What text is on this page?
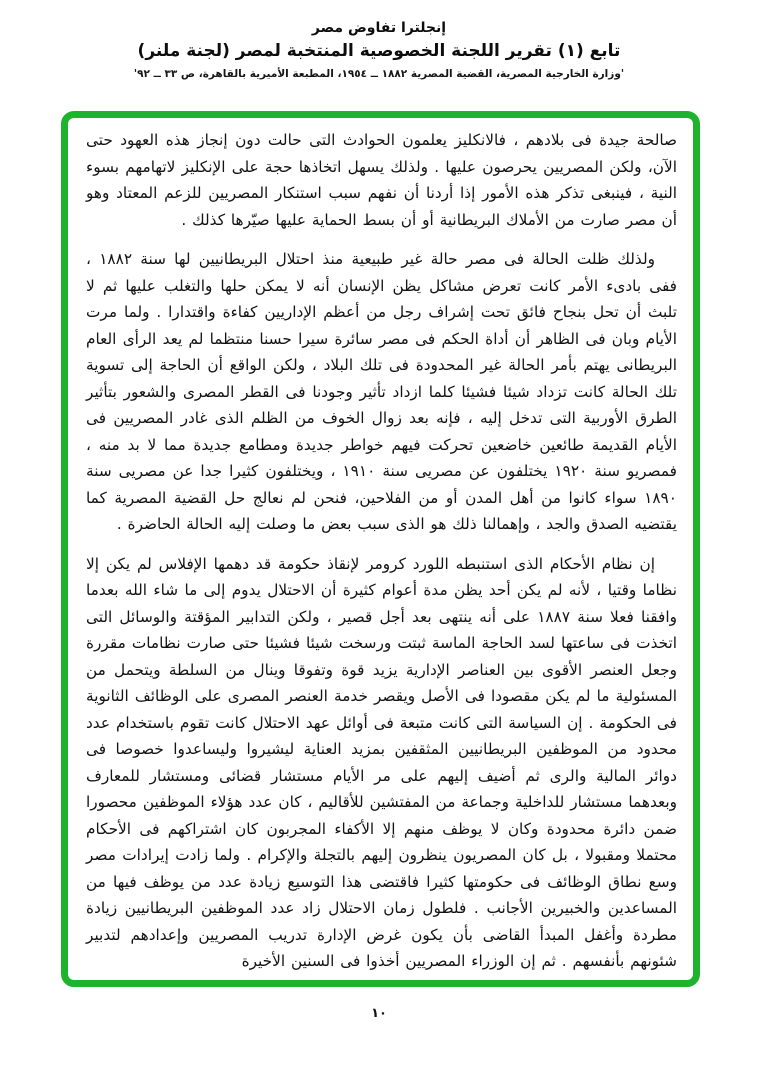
إنجلترا تفاوض مصر
تابع (١) تقرير اللجنة الخصوصية المنتخبة لمصر (لجنة ملنر)
'وزارة الخارجية المصرية، القضية المصرية ١٨٨٢ ــ ١٩٥٤، المطبعة الأميرية بالقاهرة، ص ٣٣ ــ ٩٢'

صالحة جيدة فى بلادهم ، فالانكليز يعلمون الحوادث التى حالت دون إنجاز هذه العهود حتى الآن، ولكن المصريين يحرصون عليها . ولذلك يسهل اتخاذها حجة على الإنكليز لاتهامهم بسوء النية ، فينبغى تذكر هذه الأمور إذا أردنا أن نفهم سبب استنكار المصريين للزعم المعتاد وهو أن مصر صارت من الأملاك البريطانية أو أن بسط الحماية عليها صيّرها كذلك .

ولذلك ظلت الحالة فى مصر حالة غير طبيعية منذ احتلال البريطانيين لها سنة ١٨٨٢ ، ففى بادىء الأمر كانت تعرض مشاكل يظن الإنسان أنه لا يمكن حلها والتغلب عليها ثم لا تلبث أن تحل بنجاح فائق تحت إشراف رجل من أعظم الإداريين كفاءة واقتدارا . ولما مرت الأيام وبان فى الظاهر أن أداة الحكم فى مصر سائرة سيرا حسنا منتظما لم يعد الرأى العام البريطانى يهتم بأمر الحالة غير المحدودة فى تلك البلاد ، ولكن الواقع أن الحاجة إلى تسوية تلك الحالة كانت تزداد شيئا فشيئا كلما ازداد تأثير وجودنا فى القطر المصرى والشعور بتأثير الطرق الأوربية التى تدخل إليه ، فإنه بعد زوال الخوف من الظلم الذى غادر المصريين فى الأيام القديمة طائعين خاضعين تحركت فيهم خواطر جديدة ومطامع جديدة مما لا بد منه ، فمصريو سنة ١٩٢٠ يختلفون عن مصريى سنة ١٩١٠ ، ويختلفون كثيرا جدا عن مصريى سنة ١٨٩٠ سواء كانوا من أهل المدن أو من الفلاحين، فنحن لم نعالج حل القضية المصرية كما يقتضيه الصدق والجد ، وإهمالنا ذلك هو الذى سبب بعض ما وصلت إليه الحالة الحاضرة .

إن نظام الأحكام الذى استنبطه اللورد كرومر لإنقاذ حكومة قد دهمها الإفلاس لم يكن إلا نظاما وقتيا ، لأنه لم يكن أحد يظن مدة أعوام كثيرة أن الاحتلال يدوم إلى ما شاء الله بعدما وافقنا فعلا سنة ١٨٨٧ على أنه ينتهى بعد أجل قصير ، ولكن التدابير المؤقتة والوسائل التى اتخذت فى ساعتها لسد الحاجة الماسة ثبتت ورسخت شيئا فشيئا حتى صارت نظامات مقررة وجعل العنصر الأقوى بين العناصر الإدارية يزيد قوة وتفوقا وينال من السلطة ويتحمل من المسئولية ما لم يكن مقصودا فى الأصل ويقصر خدمة العنصر المصرى على الوظائف الثانوية فى الحكومة . إن السياسة التى كانت متبعة فى أوائل عهد الاحتلال كانت تقوم باستخدام عدد محدود من الموظفين البريطانيين المثقفين بمزيد العناية ليشيروا وليساعدوا خصوصا فى دوائر المالية والرى ثم أضيف إليهم على مر الأيام مستشار قضائى ومستشار للمعارف وبعدهما مستشار للداخلية وجماعة من المفتشين للأقاليم ، كان عدد هؤلاء الموظفين محصورا ضمن دائرة محدودة وكان لا يوظف منهم إلا الأكفاء المجربون كان اشتراكهم فى الأحكام محتملا ومقبولا ، بل كان المصريون ينظرون إليهم بالتجلة والإكرام . ولما زادت إيرادات مصر وسع نطاق الوظائف فى حكومتها كثيرا فاقتضى هذا التوسيع زيادة عدد من يوظف فيها من المساعدين والخبيرين الأجانب . فلطول زمان الاحتلال زاد عدد الموظفين البريطانيين زيادة مطردة وأغفل المبدأ القاضى بأن يكون غرض الإدارة تدريب المصريين وإعدادهم لتدبير شئونهم بأنفسهم . ثم إن الوزراء المصريين أخذوا فى السنين الأخيرة

١٠
